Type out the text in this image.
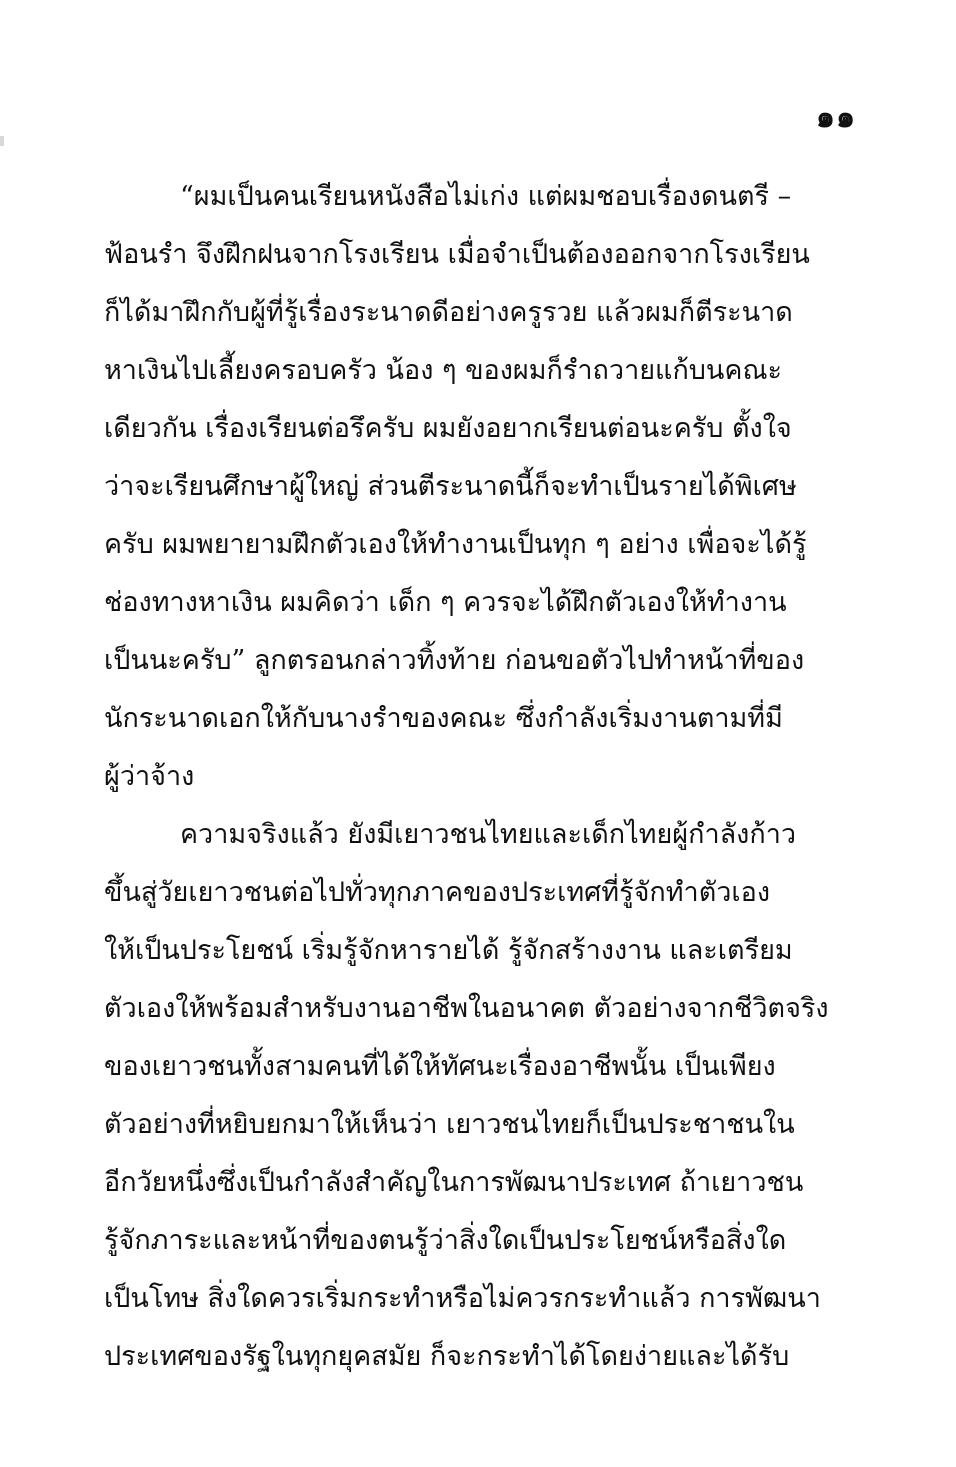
๑๑
“ผมเป็นคนเรียนหนังสือไม่เก่ง แต่ผมชอบเรื่องดนตรี –
ฟ้อนรำ จึงฝึกฝนจากโรงเรียน เมื่อจำเป็นต้องออกจากโรงเรียน
ก็ได้มาฝึกกับผู้ที่รู้เรื่องระนาดดีอย่างครูรวย แล้วผมก็ตีระนาด
หาเงินไปเลี้ยงครอบครัว น้อง ๆ ของผมก็รำถวายแก้บนคณะ
เดียวกัน เรื่องเรียนต่อรึครับ ผมยังอยากเรียนต่อนะครับ ตั้งใจ
ว่าจะเรียนศึกษาผู้ใหญ่ ส่วนตีระนาดนี้ก็จะทำเป็นรายได้พิเศษ
ครับ ผมพยายามฝึกตัวเองให้ทำงานเป็นทุก ๆ อย่าง เพื่อจะได้รู้
ช่องทางหาเงิน ผมคิดว่า เด็ก ๆ ควรจะได้ฝึกตัวเองให้ทำงาน
เป็นนะครับ” ลูกตรอนกล่าวทิ้งท้าย ก่อนขอตัวไปทำหน้าที่ของ
นักระนาดเอกให้กับนางรำของคณะ ซึ่งกำลังเริ่มงานตามที่มี
ผู้ว่าจ้าง
ความจริงแล้ว ยังมีเยาวชนไทยและเด็กไทยผู้กำลังก้าว
ขึ้นสู่วัยเยาวชนต่อไปทั่วทุกภาคของประเทศที่รู้จักทำตัวเอง
ให้เป็นประโยชน์ เริ่มรู้จักหารายได้ รู้จักสร้างงาน และเตรียม
ตัวเองให้พร้อมสำหรับงานอาชีพในอนาคต ตัวอย่างจากชีวิตจริง
ของเยาวชนทั้งสามคนที่ได้ให้ทัศนะเรื่องอาชีพนั้น เป็นเพียง
ตัวอย่างที่หยิบยกมาให้เห็นว่า เยาวชนไทยก็เป็นประชาชนใน
อีกวัยหนึ่งซึ่งเป็นกำลังสำคัญในการพัฒนาประเทศ ถ้าเยาวชน
รู้จักภาระและหน้าที่ของตนรู้ว่าสิ่งใดเป็นประโยชน์หรือสิ่งใด
เป็นโทษ สิ่งใดควรเริ่มกระทำหรือไม่ควรกระทำแล้ว การพัฒนา
ประเทศของรัฐในทุกยุคสมัย ก็จะกระทำได้โดยง่ายและได้รับ
